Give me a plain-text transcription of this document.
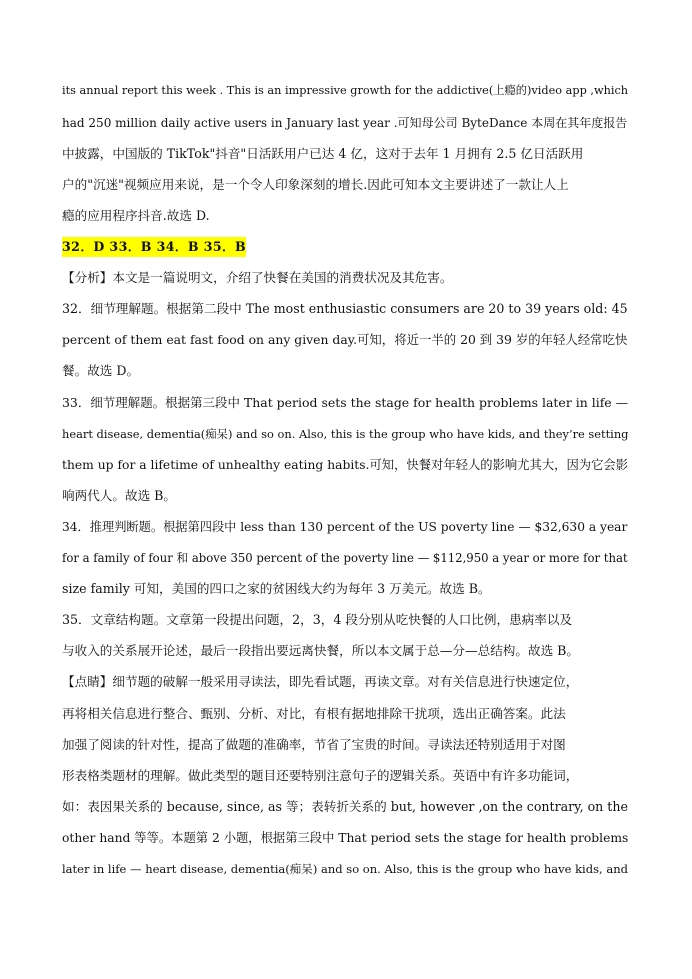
its annual report this week . This is an impressive growth for the addictive(上瘾的)video app ,which
had 250 million daily active users in January last year .可知母公司 ByteDance 本周在其年度报告
中披露，中国版的 TikTok"抖音"日活跃用户已达 4 亿，这对于去年 1 月拥有 2.5 亿日活跃用
户的"沉迷"视频应用来说，是一个令人印象深刻的增长.因此可知本文主要讲述了一款让人上
瘾的应用程序抖音.故选 D.
32．D 33．B 34．B 35．B
【分析】本文是一篇说明文，介绍了快餐在美国的消费状况及其危害。
32．细节理解题。根据第二段中 The most enthusiastic consumers are 20 to 39 years old: 45
percent of them eat fast food on any given day.可知，将近一半的 20 到 39 岁的年轻人经常吃快
餐。故选 D。
33．细节理解题。根据第三段中 That period sets the stage for health problems later in life —
heart disease, dementia(痴呆) and so on. Also, this is the group who have kids, and they’re setting
them up for a lifetime of unhealthy eating habits.可知，快餐对年轻人的影响尤其大，因为它会影
响两代人。故选 B。
34．推理判断题。根据第四段中 less than 130 percent of the US poverty line — $32,630 a year
for a family of four 和 above 350 percent of the poverty line — $112,950 a year or more for that
size family 可知，美国的四口之家的贫困线大约为每年 3 万美元。故选 B。
35．文章结构题。文章第一段提出问题，2，3，4 段分别从吃快餐的人口比例，患病率以及
与收入的关系展开论述，最后一段指出要远离快餐，所以本文属于总—分—总结构。故选 B。
【点睛】细节题的破解一般采用寻读法，即先看试题，再读文章。对有关信息进行快速定位，
再将相关信息进行整合、甄别、分析、对比，有根有据地排除干扰项，选出正确答案。此法
加强了阅读的针对性，提高了做题的准确率，节省了宝贵的时间。寻读法还特别适用于对图
形表格类题材的理解。做此类型的题目还要特别注意句子的逻辑关系。英语中有许多功能词，
如：表因果关系的 because, since, as 等；表转折关系的 but, however ,on the contrary, on the
other hand 等等。本题第 2 小题，根据第三段中 That period sets the stage for health problems
later in life — heart disease, dementia(痴呆) and so on. Also, this is the group who have kids, and
